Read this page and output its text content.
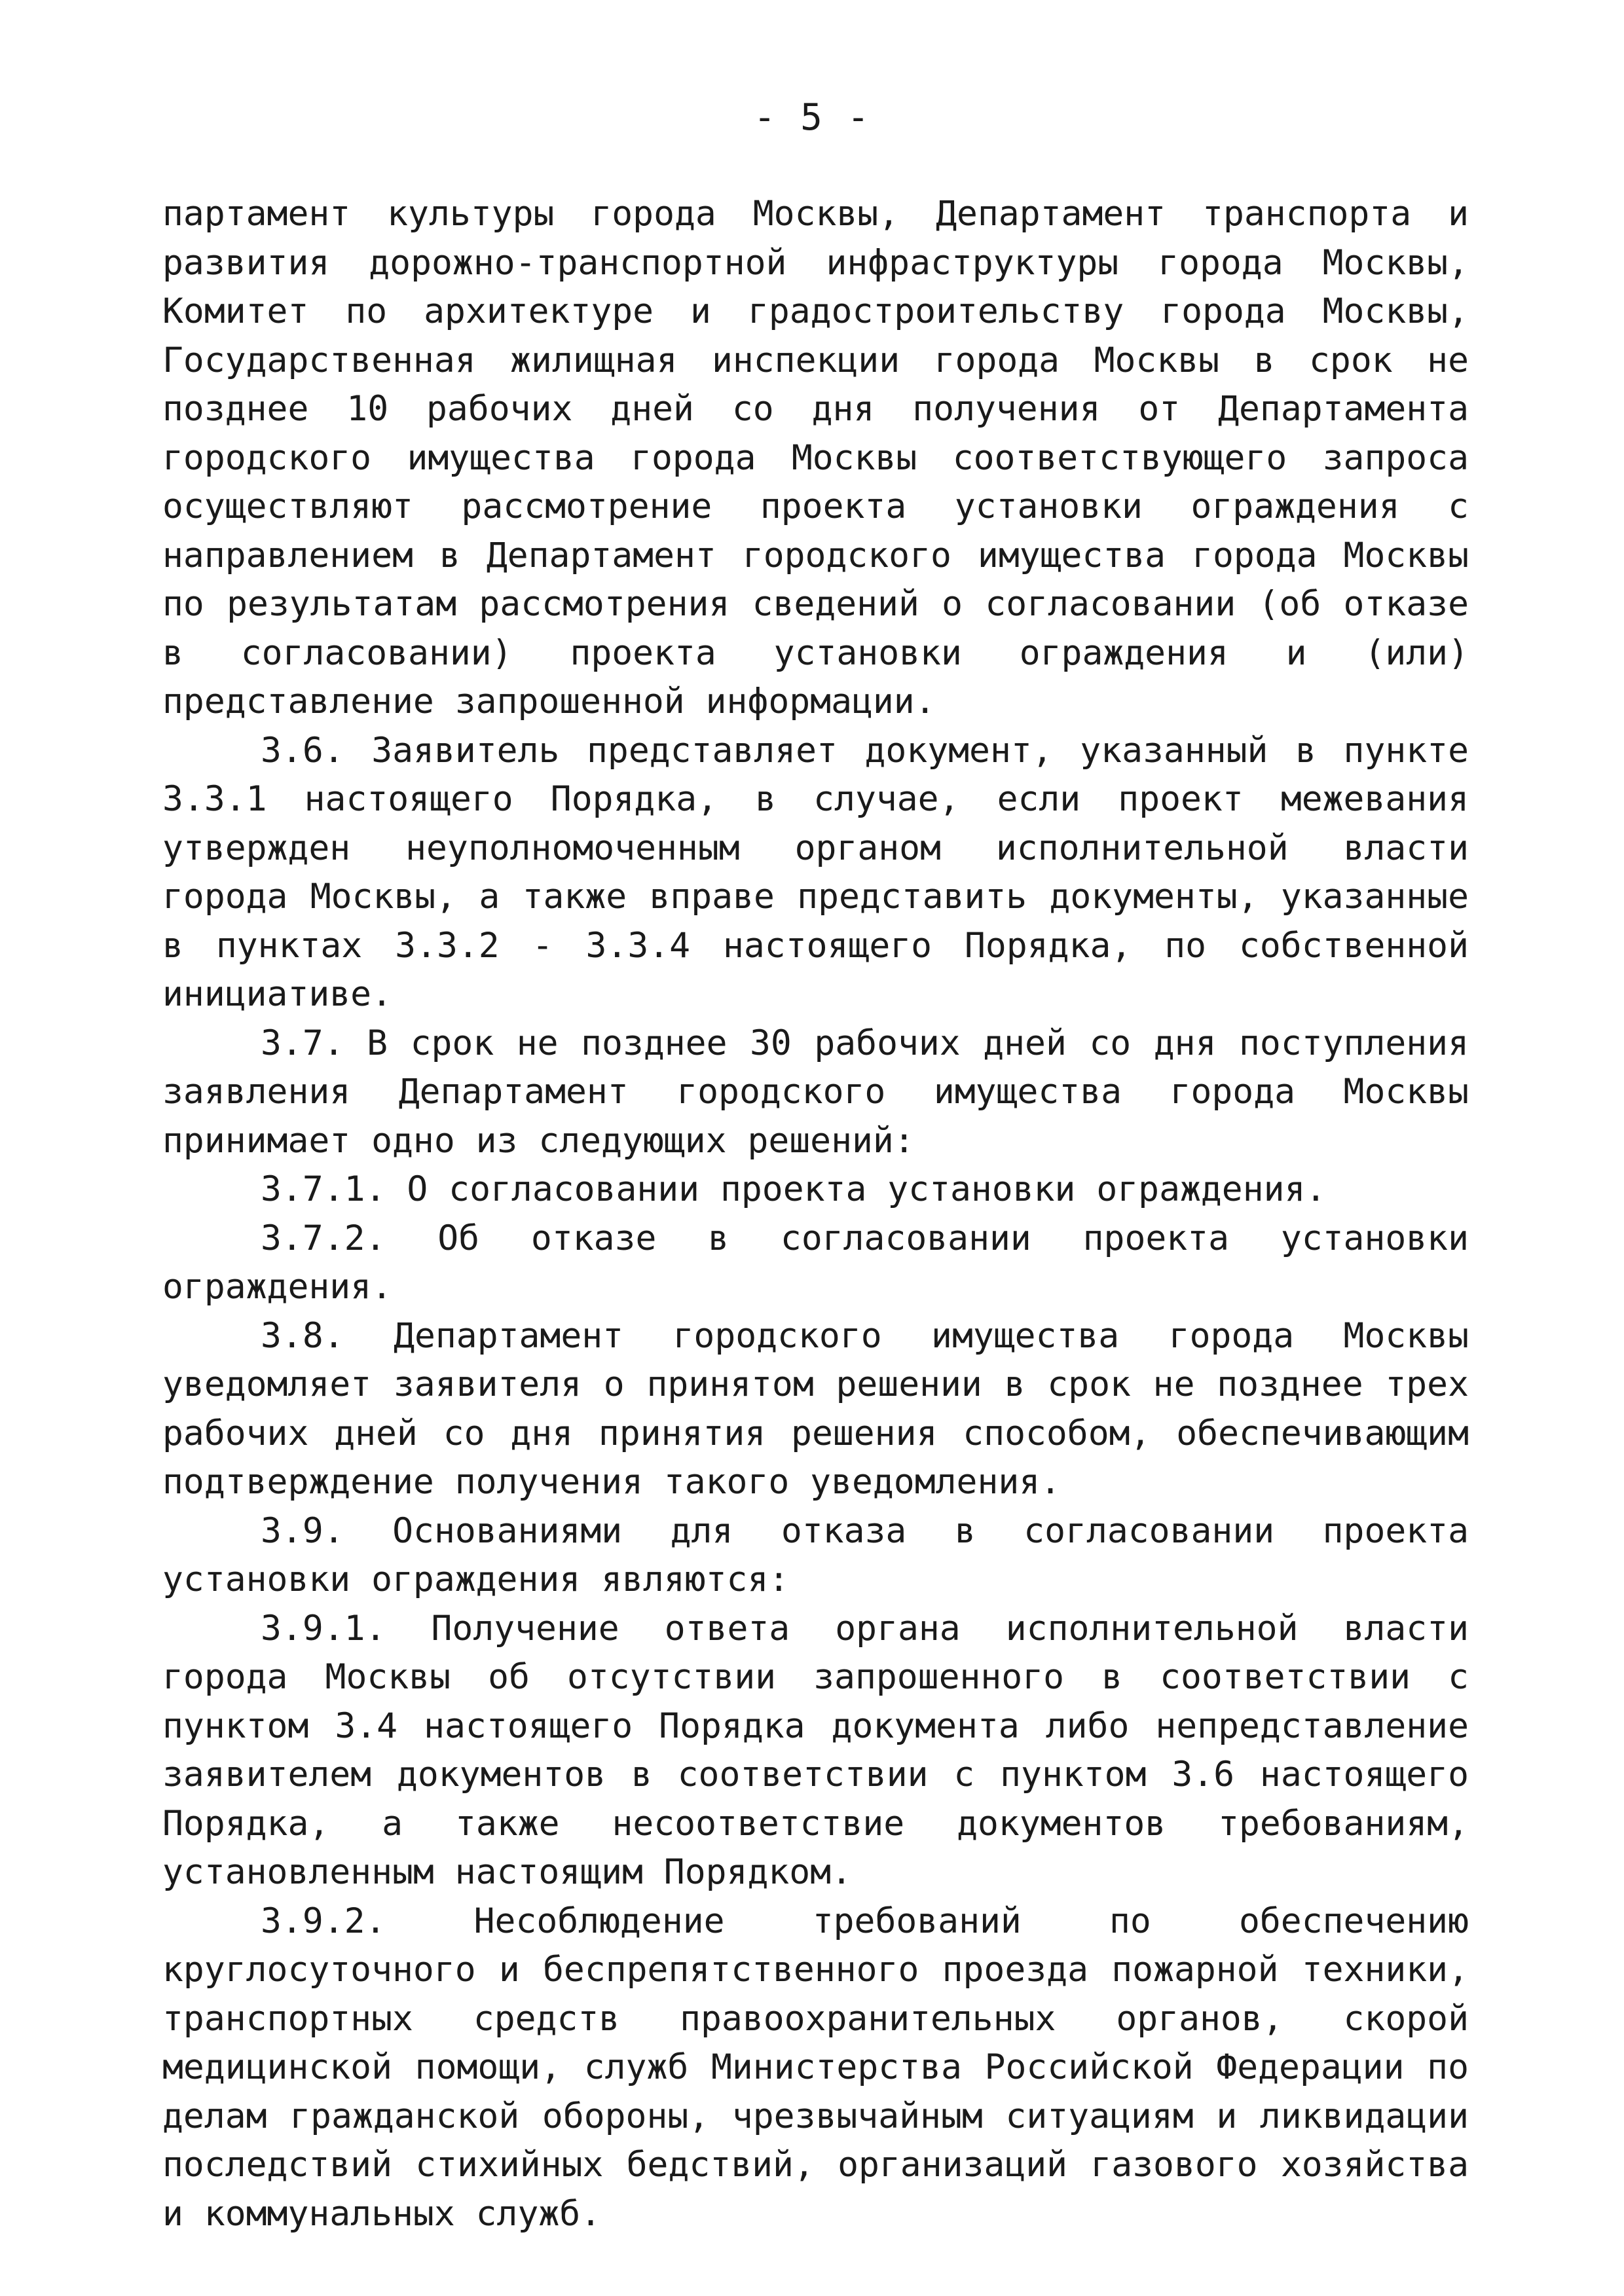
- 5 -

партамент культуры города Москвы, Департамент транспорта и развития дорожно-транспортной инфраструктуры города Москвы, Комитет по архитектуре и градостроительству города Москвы, Государственная жилищная инспекции города Москвы в срок не позднее 10 рабочих дней со дня получения от Департамента городского имущества города Москвы соответствующего запроса осуществляют рассмотрение проекта установки ограждения с направлением в Департамент городского имущества города Москвы по результатам рассмотрения сведений о согласовании (об отказе в согласовании) проекта установки ограждения и (или) представление запрошенной информации.

3.6. Заявитель представляет документ, указанный в пункте 3.3.1 настоящего Порядка, в случае, если проект межевания утвержден неуполномоченным органом исполнительной власти города Москвы, а также вправе представить документы, указанные в пунктах 3.3.2 - 3.3.4 настоящего Порядка, по собственной инициативе.

3.7. В срок не позднее 30 рабочих дней со дня поступления заявления Департамент городского имущества города Москвы принимает одно из следующих решений:

3.7.1. О согласовании проекта установки ограждения.

3.7.2. Об отказе в согласовании проекта установки ограждения.

3.8. Департамент городского имущества города Москвы уведомляет заявителя о принятом решении в срок не позднее трех рабочих дней со дня принятия решения способом, обеспечивающим подтверждение получения такого уведомления.

3.9. Основаниями для отказа в согласовании проекта установки ограждения являются:

3.9.1. Получение ответа органа исполнительной власти города Москвы об отсутствии запрошенного в соответствии с пунктом 3.4 настоящего Порядка документа либо непредставление заявителем документов в соответствии с пунктом 3.6 настоящего Порядка, а также несоответствие документов требованиям, установленным настоящим Порядком.

3.9.2. Несоблюдение требований по обеспечению круглосуточного и беспрепятственного проезда пожарной техники, транспортных средств правоохранительных органов, скорой медицинской помощи, служб Министерства Российской Федерации по делам гражданской обороны, чрезвычайным ситуациям и ликвидации последствий стихийных бедствий, организаций газового хозяйства и коммунальных служб.
